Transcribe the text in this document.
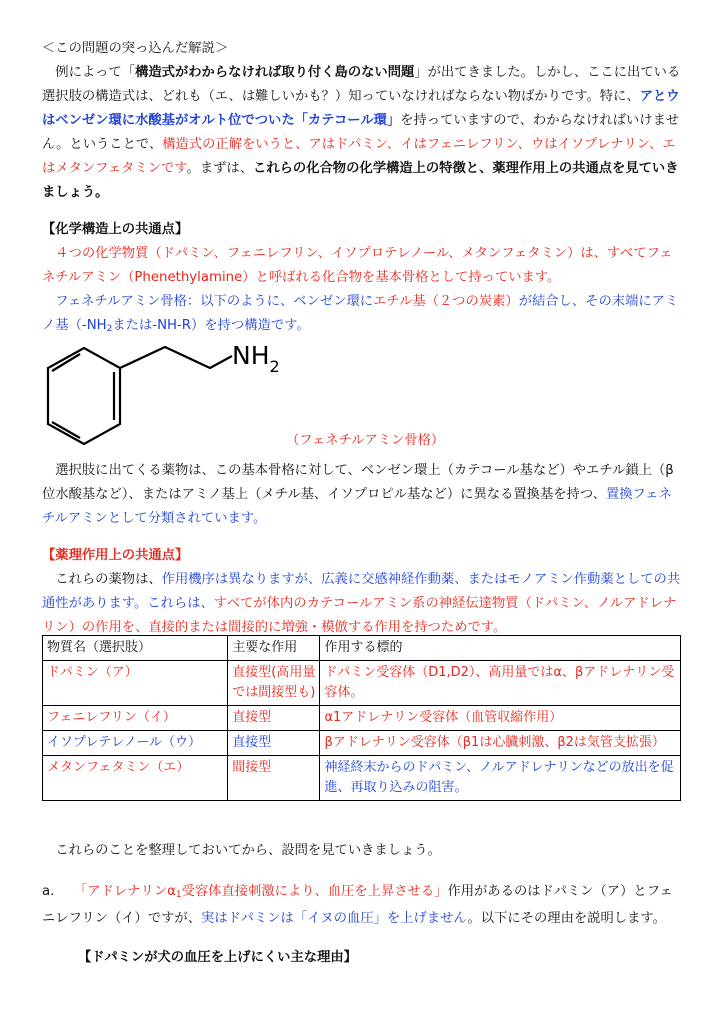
＜この問題の突っ込んだ解説＞
例によって「構造式がわからなければ取り付く島のない問題」が出てきました。しかし、ここに出ている選択肢の構造式は、どれも（エ、は難しいかも？）知っていなければならない物ばかりです。特に、アとウはベンゼン環に水酸基がオルト位でついた「カテコール環」を持っていますので、わからなければいけません。ということで、構造式の正解をいうと、アはドパミン、イはフェニレフリン、ウはイソプレナリン、エはメタンフェタミンです。まずは、これらの化合物の化学構造上の特徴と、薬理作用上の共通点を見ていきましょう。
【化学構造上の共通点】
４つの化学物質（ドパミン、フェニレフリン、イソプロテレノール、メタンフェタミン）は、すべてフェネチルアミン（Phenethylamine）と呼ばれる化合物を基本骨格として持っています。
フェネチルアミン骨格：以下のように、ベンゼン環にエチル基（２つの炭素）が結合し、その末端にアミノ基（$-NH_2$または-NH-R）を持つ構造です。
$NH_2$
（フェネチルアミン骨格）
選択肢に出てくる薬物は、この基本骨格に対して、ベンゼン環上（カテコール基など）やエチル鎖上（β位水酸基など）、またはアミノ基上（メチル基、イソプロピル基など）に異なる置換基を持つ、置換フェネチルアミンとして分類されています。
【薬理作用上の共通点】
これらの薬物は、作用機序は異なりますが、広義に交感神経作動薬、またはモノアミン作動薬としての共通性があります。これらは、すべてが体内のカテコールアミン系の神経伝達物質（ドパミン、ノルアドレナリン）の作用を、直接的または間接的に増強・模倣する作用を持つためです。
物質名（選択肢）	主要な作用	作用する標的
ドパミン（ア）	直接型(高用量では間接型も)	ドパミン受容体（D1,D2）、高用量ではα、βアドレナリン受容体。
フェニレフリン（イ）	直接型	α1アドレナリン受容体（血管収縮作用）
イソプレテレノール（ウ）	直接型	βアドレナリン受容体（β1は心臓刺激、β2は気管支拡張）
メタンフェタミン（エ）	間接型	神経終末からのドパミン、ノルアドレナリンなどの放出を促進、再取り込みの阻害。
これらのことを整理しておいてから、設問を見ていきましょう。
a. 「アドレナリン$\alpha_1$受容体直接刺激により、血圧を上昇させる」作用があるのはドパミン（ア）とフェニレフリン（イ）ですが、実はドパミンは「イヌの血圧」を上げません。以下にその理由を説明します。
【ドパミンが犬の血圧を上げにくい主な理由】
